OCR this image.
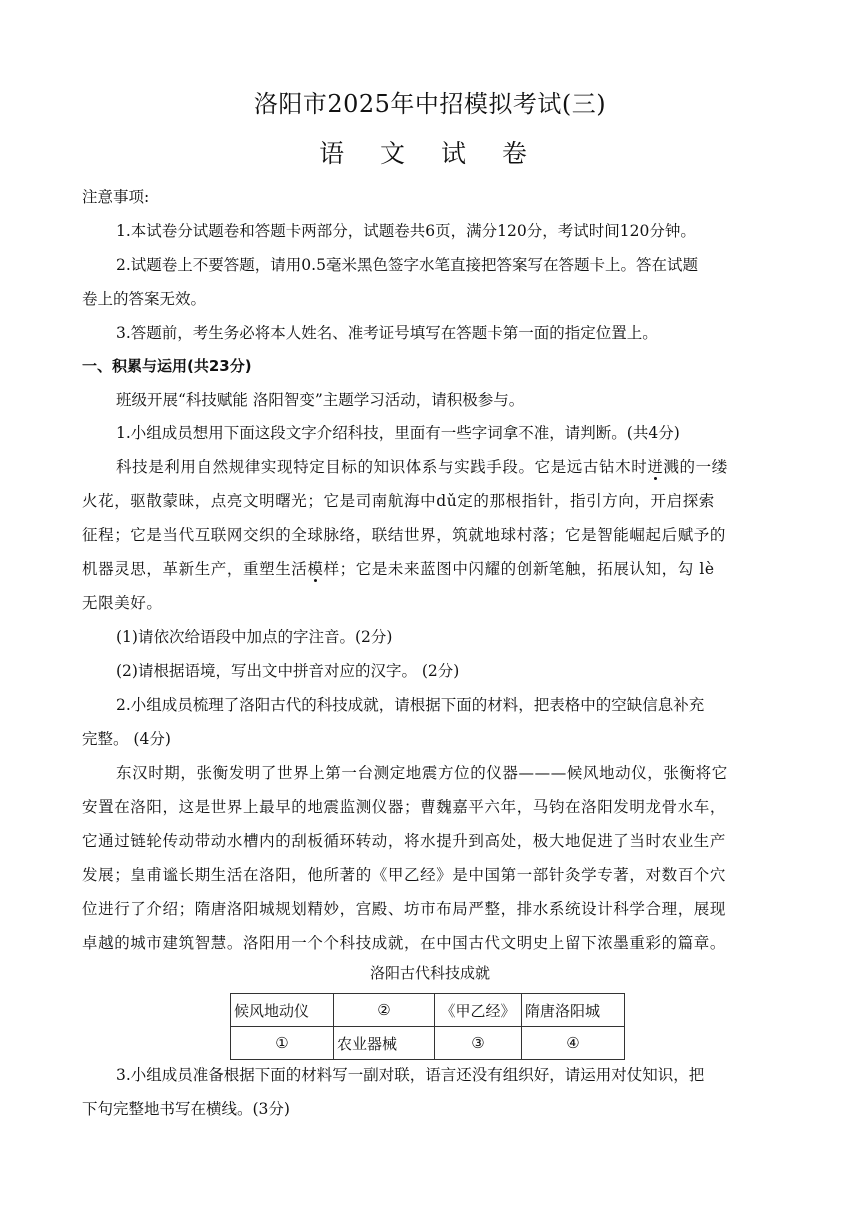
洛阳市2025年中招模拟考试(三)
语 文 试 卷
注意事项:
1.本试卷分试题卷和答题卡两部分，试题卷共6页，满分120分，考试时间120分钟。
2.试题卷上不要答题，请用0.5毫米黑色签字水笔直接把答案写在答题卡上。答在试题
卷上的答案无效。
3.答题前，考生务必将本人姓名、准考证号填写在答题卡第一面的指定位置上。
一、积累与运用(共23分)
班级开展“科技赋能 洛阳智变”主题学习活动，请积极参与。
1.小组成员想用下面这段文字介绍科技，里面有一些字词拿不准，请判断。(共4分)
科技是利用自然规律实现特定目标的知识体系与实践手段。它是远古钻木时迸溅的一缕
火花，驱散蒙昧，点亮文明曙光；它是司南航海中dǔ定的那根指针，指引方向，开启探索
征程；它是当代互联网交织的全球脉络，联结世界，筑就地球村落；它是智能崛起后赋予的
机器灵思，革新生产，重塑生活模样；它是未来蓝图中闪耀的创新笔触，拓展认知，勾 lè
无限美好。
(1)请依次给语段中加点的字注音。(2分)
(2)请根据语境，写出文中拼音对应的汉字。 (2分)
2.小组成员梳理了洛阳古代的科技成就，请根据下面的材料，把表格中的空缺信息补充
完整。 (4分)
东汉时期，张衡发明了世界上第一台测定地震方位的仪器———候风地动仪，张衡将它
安置在洛阳，这是世界上最早的地震监测仪器；曹魏嘉平六年，马钧在洛阳发明龙骨水车，
它通过链轮传动带动水槽内的刮板循环转动，将水提升到高处，极大地促进了当时农业生产
发展；皇甫谧长期生活在洛阳，他所著的《甲乙经》是中国第一部针灸学专著，对数百个穴
位进行了介绍；隋唐洛阳城规划精妙，宫殿、坊市布局严整，排水系统设计科学合理，展现
卓越的城市建筑智慧。洛阳用一个个科技成就，在中国古代文明史上留下浓墨重彩的篇章。
洛阳古代科技成就
候风地动仪	②	《甲乙经》	隋唐洛阳城
①	农业器械	③	④
3.小组成员准备根据下面的材料写一副对联，语言还没有组织好，请运用对仗知识，把
下句完整地书写在横线。(3分)
